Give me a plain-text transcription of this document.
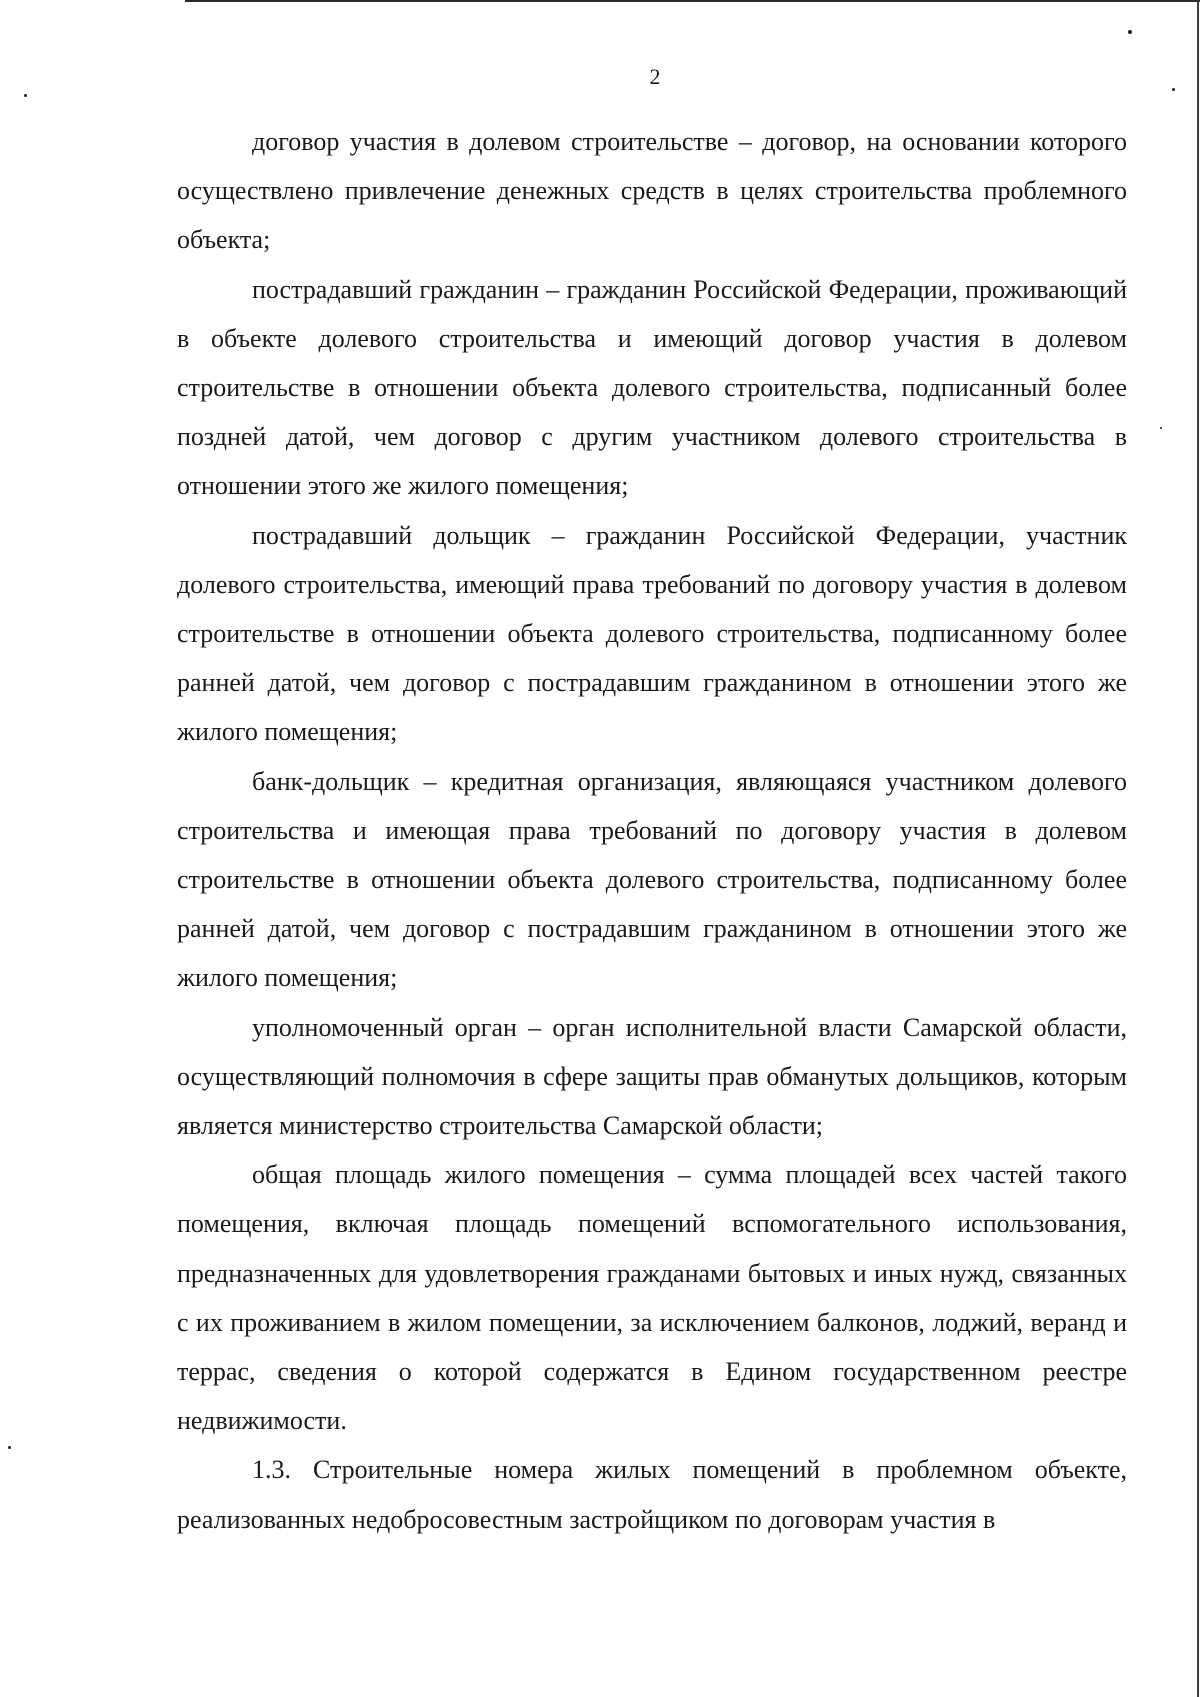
2

договор участия в долевом строительстве – договор, на основании которого осуществлено привлечение денежных средств в целях строительства проблемного объекта;

пострадавший гражданин – гражданин Российской Федерации, проживающий в объекте долевого строительства и имеющий договор участия в долевом строительстве в отношении объекта долевого строительства, подписанный более поздней датой, чем договор с другим участником долевого строительства в отношении этого же жилого помещения;

пострадавший дольщик – гражданин Российской Федерации, участник долевого строительства, имеющий права требований по договору участия в долевом строительстве в отношении объекта долевого строительства, подписанному более ранней датой, чем договор с пострадавшим гражданином в отношении этого же жилого помещения;

банк-дольщик – кредитная организация, являющаяся участником долевого строительства и имеющая права требований по договору участия в долевом строительстве в отношении объекта долевого строительства, подписанному более ранней датой, чем договор с пострадавшим гражданином в отношении этого же жилого помещения;

уполномоченный орган – орган исполнительной власти Самарской области, осуществляющий полномочия в сфере защиты прав обманутых дольщиков, которым является министерство строительства Самарской области;

общая площадь жилого помещения – сумма площадей всех частей такого помещения, включая площадь помещений вспомогательного использования, предназначенных для удовлетворения гражданами бытовых и иных нужд, связанных с их проживанием в жилом помещении, за исключением балконов, лоджий, веранд и террас, сведения о которой содержатся в Едином государственном реестре недвижимости.

1.3. Строительные номера жилых помещений в проблемном объекте, реализованных недобросовестным застройщиком по договорам участия в
